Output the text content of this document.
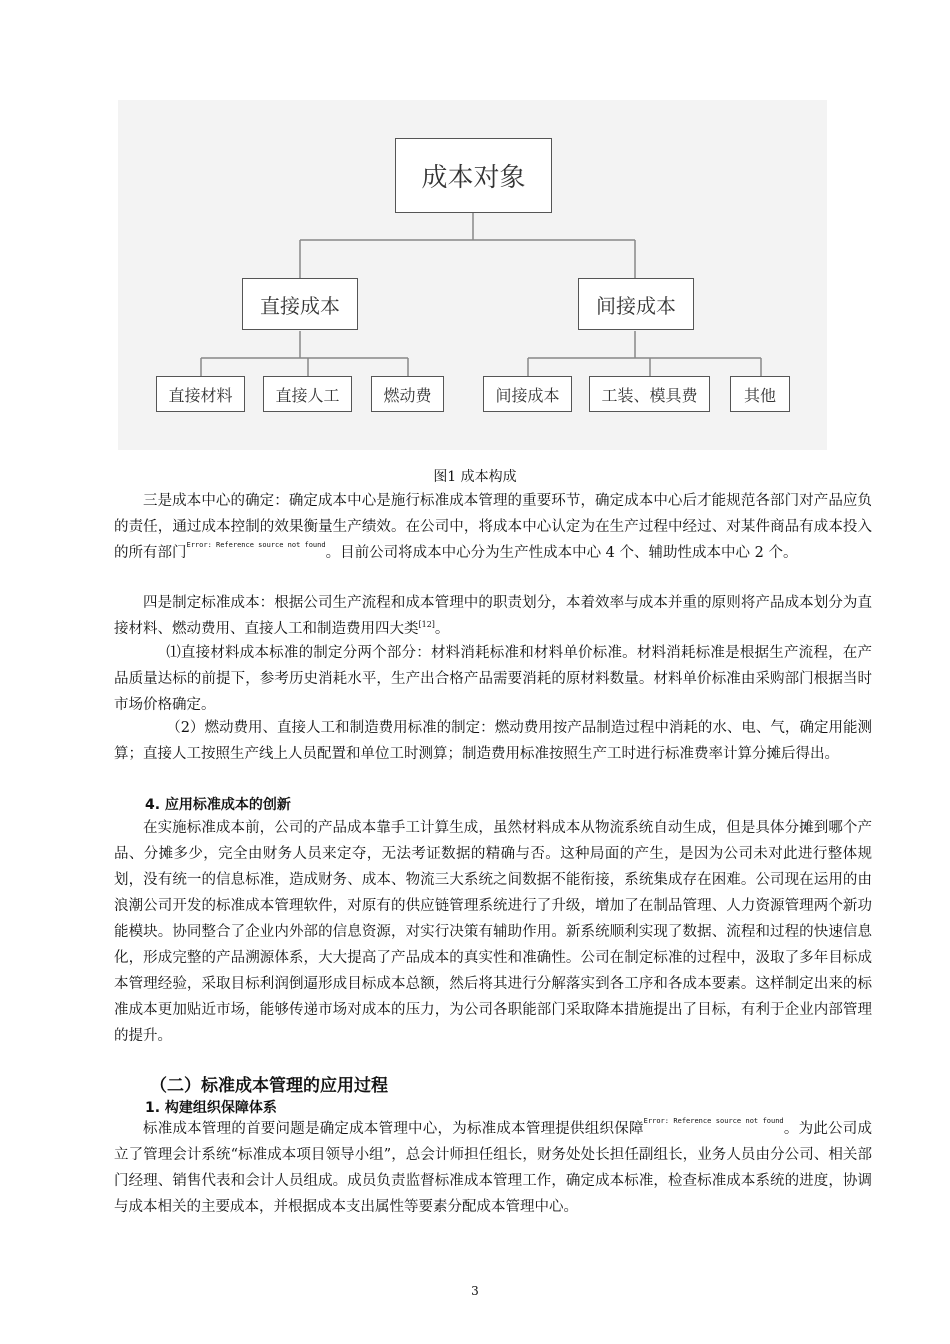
成本对象
直接成本	间接成本
直接材料	直接人工	燃动费	间接成本	工装、模具费	其他
图1 成本构成

三是成本中心的确定：确定成本中心是施行标准成本管理的重要环节，确定成本中心后才能规范各部门对产品应负的责任，通过成本控制的效果衡量生产绩效。在公司中，将成本中心认定为在生产过程中经过、对某件商品有成本投入的所有部门$^{Error: Reference source not found}$。目前公司将成本中心分为生产性成本中心 4 个、辅助性成本中心 2 个。

四是制定标准成本：根据公司生产流程和成本管理中的职责划分，本着效率与成本并重的原则将产品成本划分为直接材料、燃动费用、直接人工和制造费用四大类[12]。

⑴直接材料成本标准的制定分两个部分：材料消耗标准和材料单价标准。材料消耗标准是根据生产流程，在产品质量达标的前提下，参考历史消耗水平，生产出合格产品需要消耗的原材料数量。材料单价标准由采购部门根据当时市场价格确定。

（2）燃动费用、直接人工和制造费用标准的制定：燃动费用按产品制造过程中消耗的水、电、气，确定用能测算；直接人工按照生产线上人员配置和单位工时测算；制造费用标准按照生产工时进行标准费率计算分摊后得出。

4. 应用标准成本的创新

在实施标准成本前，公司的产品成本靠手工计算生成，虽然材料成本从物流系统自动生成，但是具体分摊到哪个产品、分摊多少，完全由财务人员来定夺，无法考证数据的精确与否。这种局面的产生，是因为公司未对此进行整体规划，没有统一的信息标准，造成财务、成本、物流三大系统之间数据不能衔接，系统集成存在困难。公司现在运用的由浪潮公司开发的标准成本管理软件，对原有的供应链管理系统进行了升级，增加了在制品管理、人力资源管理两个新功能模块。协同整合了企业内外部的信息资源，对实行决策有辅助作用。新系统顺利实现了数据、流程和过程的快速信息化，形成完整的产品溯源体系，大大提高了产品成本的真实性和准确性。公司在制定标准的过程中，汲取了多年目标成本管理经验，采取目标利润倒逼形成目标成本总额，然后将其进行分解落实到各工序和各成本要素。这样制定出来的标准成本更加贴近市场，能够传递市场对成本的压力，为公司各职能部门采取降本措施提出了目标，有利于企业内部管理的提升。

（二）标准成本管理的应用过程
1. 构建组织保障体系

标准成本管理的首要问题是确定成本管理中心，为标准成本管理提供组织保障$^{Error: Reference source not found}$。为此公司成立了管理会计系统“标准成本项目领导小组”，总会计师担任组长，财务处处长担任副组长，业务人员由分公司、相关部门经理、销售代表和会计人员组成。成员负责监督标准成本管理工作，确定成本标准，检查标准成本系统的进度，协调与成本相关的主要成本，并根据成本支出属性等要素分配成本管理中心。

3
